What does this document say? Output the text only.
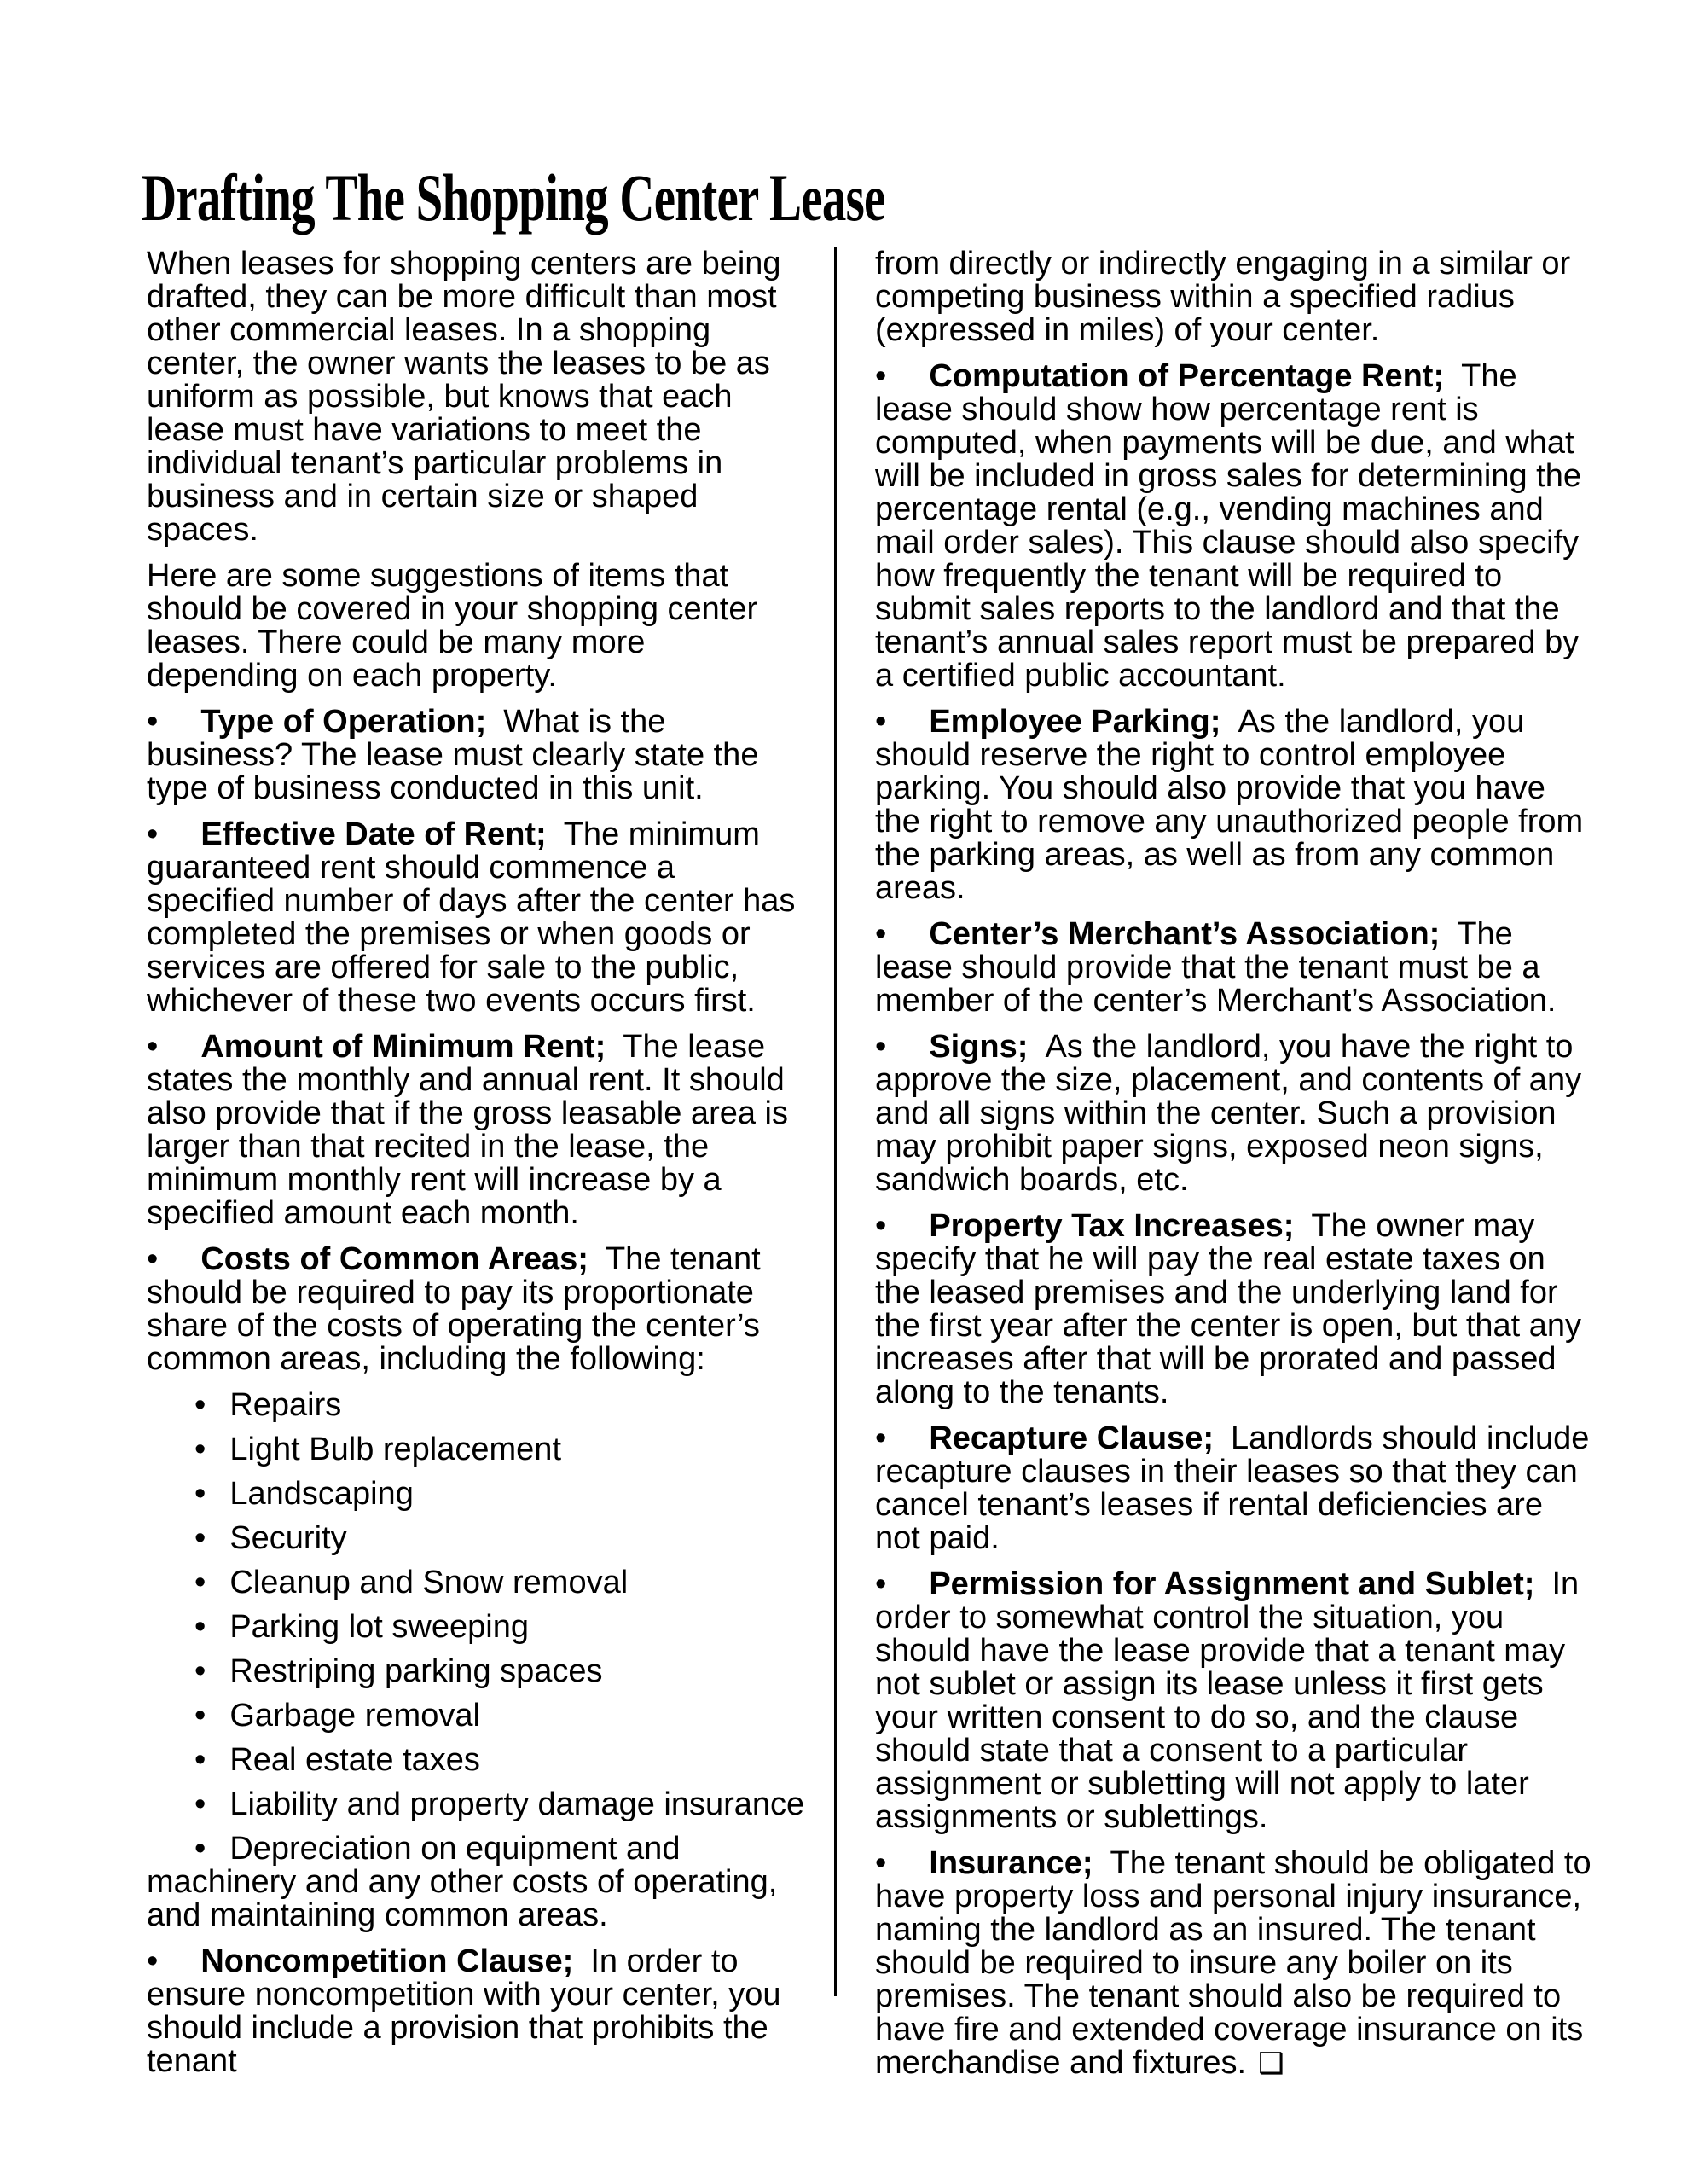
Drafting The Shopping Center Lease

When leases for shopping centers are being drafted, they can be more difficult than most other commercial leases. In a shopping center, the owner wants the leases to be as uniform as possible, but knows that each lease must have variations to meet the individual tenant’s particular problems in business and in certain size or shaped spaces.

Here are some suggestions of items that should be covered in your shopping center leases. There could be many more depending on each property.

• Type of Operation; What is the business? The lease must clearly state the type of business conducted in this unit.

• Effective Date of Rent; The minimum guaranteed rent should commence a specified number of days after the center has completed the premises or when goods or services are offered for sale to the public, whichever of these two events occurs first.

• Amount of Minimum Rent; The lease states the monthly and annual rent. It should also provide that if the gross leasable area is larger than that recited in the lease, the minimum monthly rent will increase by a specified amount each month.

• Costs of Common Areas; The tenant should be required to pay its proportionate share of the costs of operating the center’s common areas, including the following:

• Repairs

• Light Bulb replacement

• Landscaping

• Security

• Cleanup and Snow removal

• Parking lot sweeping

• Restriping parking spaces

• Garbage removal

• Real estate taxes

• Liability and property damage insurance

• Depreciation on equipment and machinery and any other costs of operating, and maintaining common areas.

• Noncompetition Clause; In order to ensure noncompetition with your center, you should include a provision that prohibits the tenant

from directly or indirectly engaging in a similar or competing business within a specified radius (expressed in miles) of your center.

• Computation of Percentage Rent; The lease should show how percentage rent is computed, when payments will be due, and what will be included in gross sales for determining the percentage rental (e.g., vending machines and mail order sales). This clause should also specify how frequently the tenant will be required to submit sales reports to the landlord and that the tenant’s annual sales report must be prepared by a certified public accountant.

• Employee Parking; As the landlord, you should reserve the right to control employee parking. You should also provide that you have the right to remove any unauthorized people from the parking areas, as well as from any common areas.

• Center’s Merchant’s Association; The lease should provide that the tenant must be a member of the center’s Merchant’s Association.

• Signs; As the landlord, you have the right to approve the size, placement, and contents of any and all signs within the center. Such a provision may prohibit paper signs, exposed neon signs, sandwich boards, etc.

• Property Tax Increases; The owner may specify that he will pay the real estate taxes on the leased premises and the underlying land for the first year after the center is open, but that any increases after that will be prorated and passed along to the tenants.

• Recapture Clause; Landlords should include recapture clauses in their leases so that they can cancel tenant’s leases if rental deficiencies are not paid.

• Permission for Assignment and Sublet; In order to somewhat control the situation, you should have the lease provide that a tenant may not sublet or assign its lease unless it first gets your written consent to do so, and the clause should state that a consent to a particular assignment or subletting will not apply to later assignments or sublettings.

• Insurance; The tenant should be obligated to have property loss and personal injury insurance, naming the landlord as an insured. The tenant should be required to insure any boiler on its premises. The tenant should also be required to have fire and extended coverage insurance on its merchandise and fixtures. ❑
